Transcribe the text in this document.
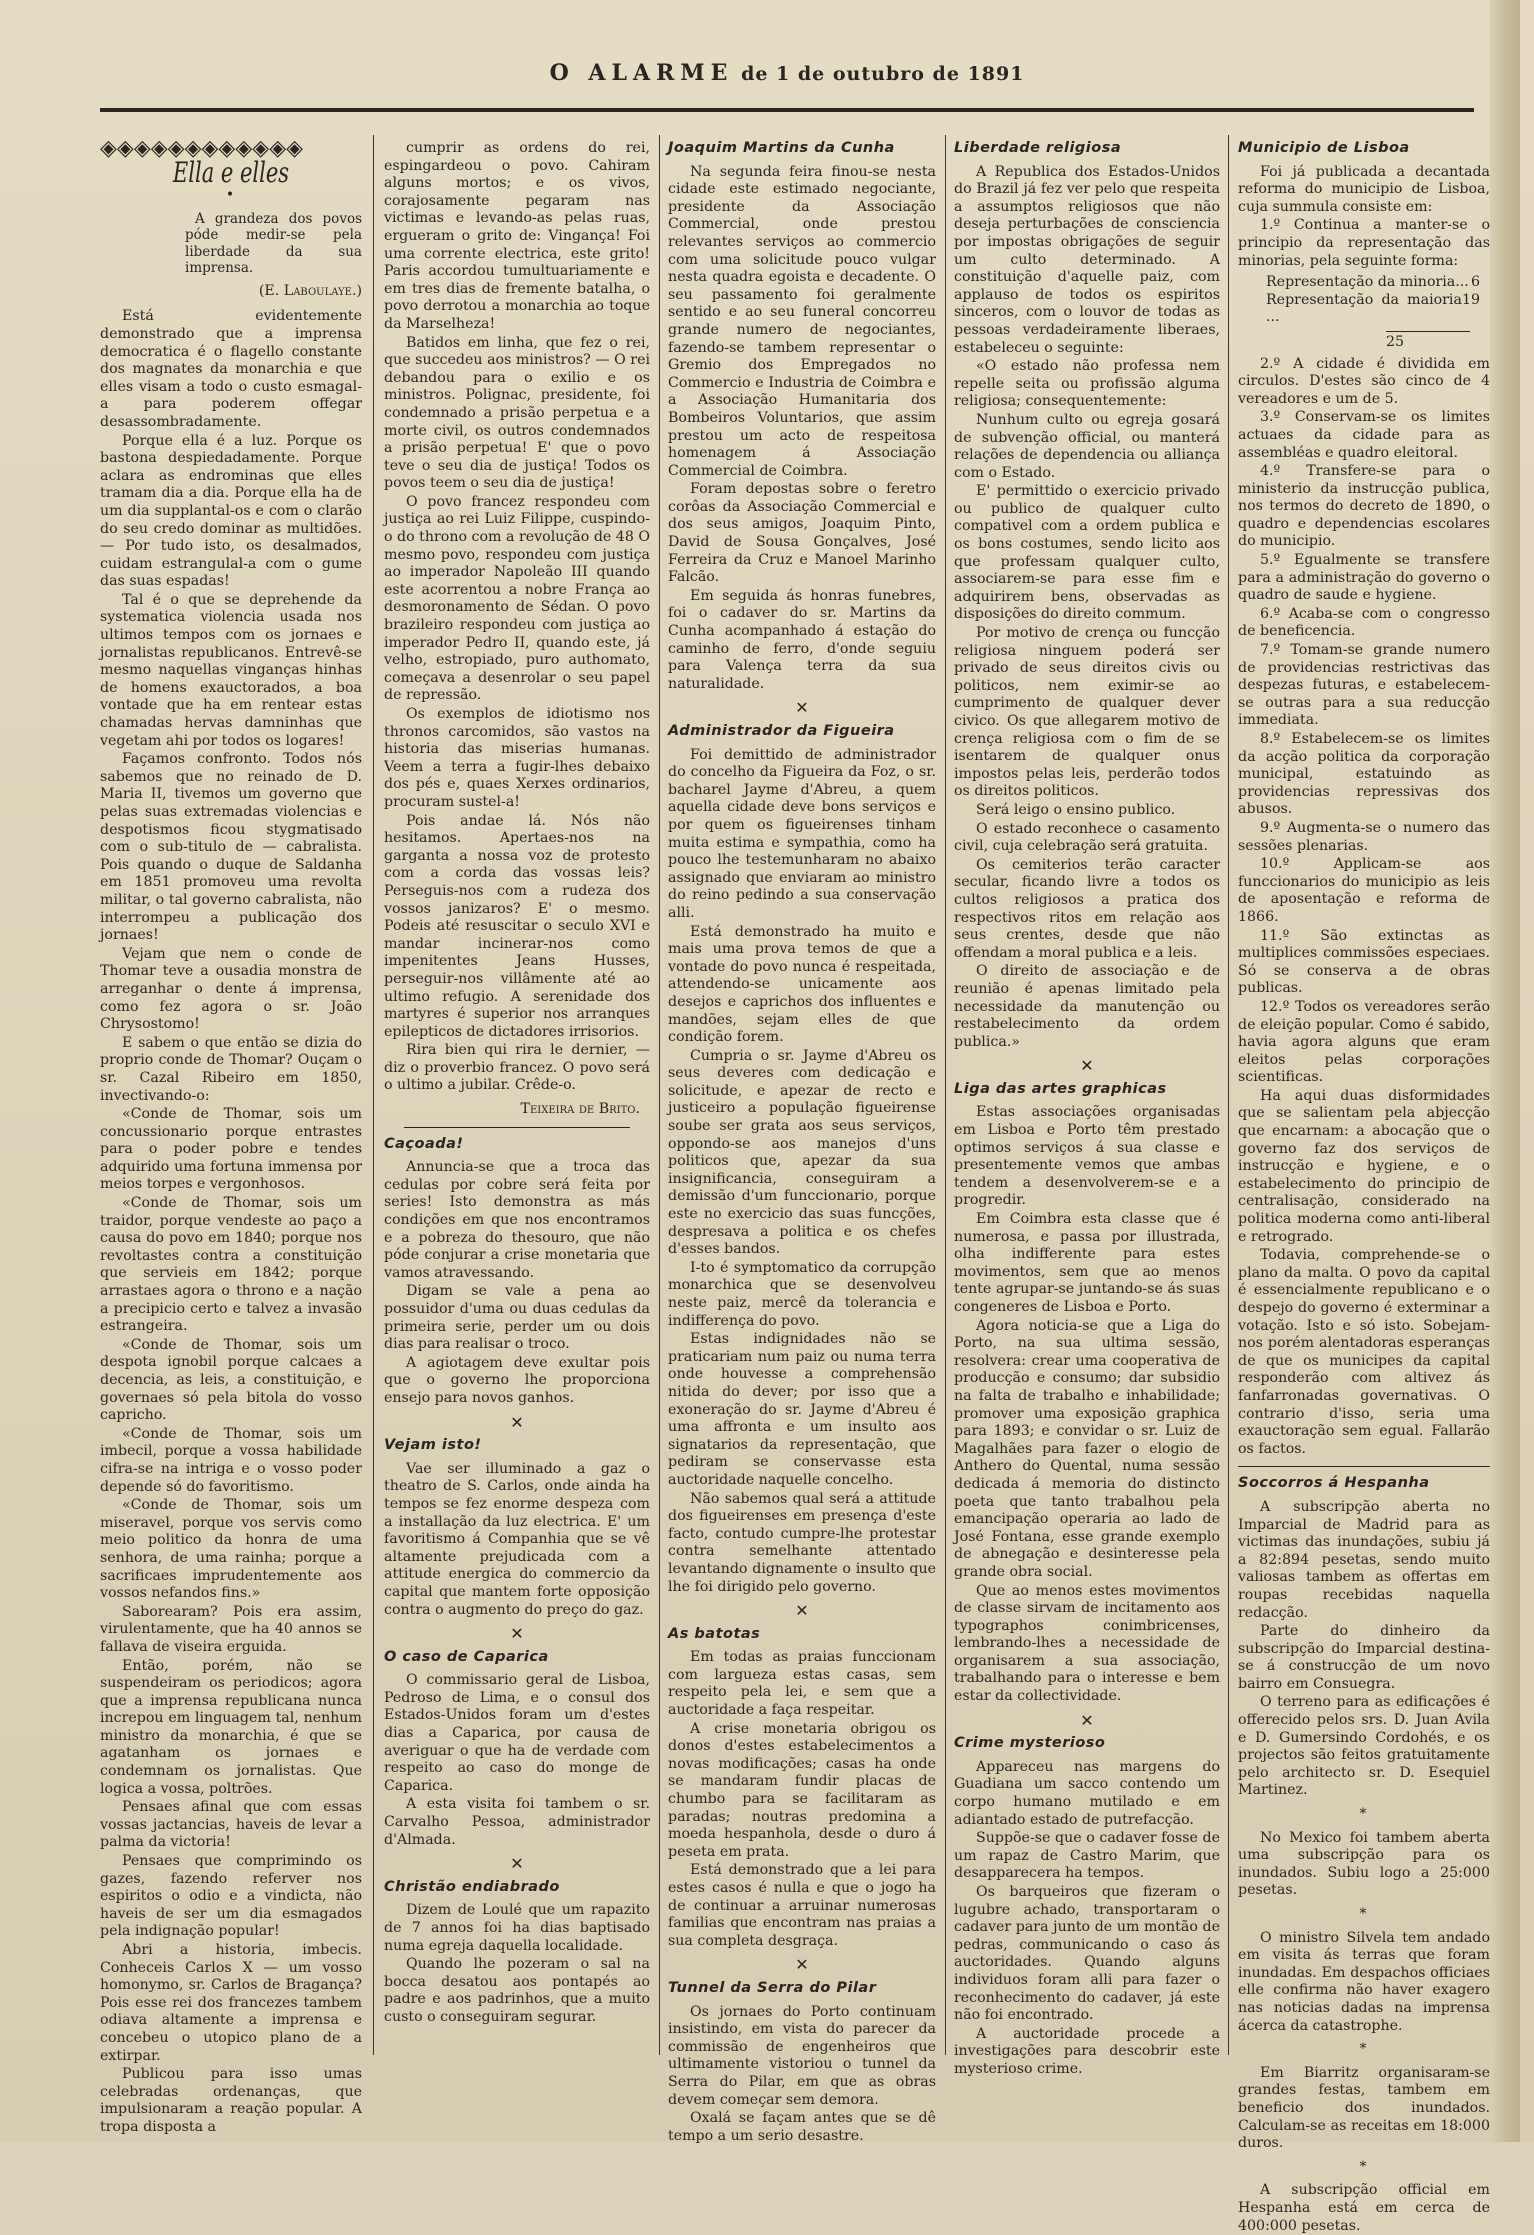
O ALARME de 1 de outubro de 1891
◈◈◈◈◈◈◈◈◈◈◈◈
Ella e elles
•
A grandeza dos povos póde medir-se pela liberdade da sua imprensa.
(E. Laboulaye.)

Está evidentemente demonstrado que a imprensa democratica é o flagello constante dos magnates da monarchia e que elles visam a todo o custo esmagal-a para poderem offegar desassombradamente.

Porque ella é a luz. Porque os bastona despiedadamente. Porque aclara as endrominas que elles tramam dia a dia. Porque ella ha de um dia supplantal-os e com o clarão do seu credo dominar as multidões. — Por tudo isto, os desalmados, cuidam estrangulal-a com o gume das suas espadas!

Tal é o que se deprehende da systematica violencia usada nos ultimos tempos com os jornaes e jornalistas republicanos. Entrevê-se mesmo naquellas vinganças hinhas de homens exauctorados, a boa vontade que ha em rentear estas chamadas hervas damninhas que vegetam ahi por todos os logares!

Façamos confronto. Todos nós sabemos que no reinado de D. Maria II, tivemos um governo que pelas suas extremadas violencias e despotismos ficou stygmatisado com o sub-titulo de — cabralista. Pois quando o duque de Saldanha em 1851 promoveu uma revolta militar, o tal governo cabralista, não interrompeu a publicação dos jornaes!

Vejam que nem o conde de Thomar teve a ousadia monstra de arreganhar o dente á imprensa, como fez agora o sr. João Chrysostomo!

E sabem o que então se dizia do proprio conde de Thomar? Ouçam o sr. Cazal Ribeiro em 1850, invectivando-o:

«Conde de Thomar, sois um concussionario porque entrastes para o poder pobre e tendes adquirido uma fortuna immensa por meios torpes e vergonhosos.

«Conde de Thomar, sois um traidor, porque vendeste ao paço a causa do povo em 1840; porque nos revoltastes contra a constituição que servieis em 1842; porque arrastaes agora o throno e a nação a precipicio certo e talvez a invasão estrangeira.

«Conde de Thomar, sois um despota ignobil porque calcaes a decencia, as leis, a constituição, e governaes só pela bitola do vosso capricho.

«Conde de Thomar, sois um imbecil, porque a vossa habilidade cifra-se na intriga e o vosso poder depende só do favoritismo.

«Conde de Thomar, sois um miseravel, porque vos servis como meio politico da honra de uma senhora, de uma rainha; porque a sacrificaes imprudentemente aos vossos nefandos fins.»

Saborearam? Pois era assim, virulentamente, que ha 40 annos se fallava de viseira erguida.

Então, porém, não se suspendeiram os periodicos; agora que a imprensa republicana nunca increpou em linguagem tal, nenhum ministro da monarchia, é que se agatanham os jornaes e condemnam os jornalistas. Que logica a vossa, poltrões.

Pensaes afinal que com essas vossas jactancias, haveis de levar a palma da victoria!

Pensaes que comprimindo os gazes, fazendo referver nos espiritos o odio e a vindicta, não haveis de ser um dia esmagados pela indignação popular!

Abri a historia, imbecis. Conheceis Carlos X — um vosso homonymo, sr. Carlos de Bragança? Pois esse rei dos francezes tambem odiava altamente a imprensa e concebeu o utopico plano de a extirpar.

Publicou para isso umas celebradas ordenanças, que impulsionaram a reação popular. A tropa disposta a

cumprir as ordens do rei, espingardeou o povo. Cahiram alguns mortos; e os vivos, corajosamente pegaram nas victimas e levando-as pelas ruas, ergueram o grito de: Vingança! Foi uma corrente electrica, este grito! Paris accordou tumultuariamente e em tres dias de fremente batalha, o povo derrotou a monarchia ao toque da Marselheza!

Batidos em linha, que fez o rei, que succedeu aos ministros? — O rei debandou para o exilio e os ministros. Polignac, presidente, foi condemnado a prisão perpetua e a morte civil, os outros condemnados a prisão perpetua! E' que o povo teve o seu dia de justiça! Todos os povos teem o seu dia de justiça!

O povo francez respondeu com justiça ao rei Luiz Filippe, cuspindo-o do throno com a revolução de 48 O mesmo povo, respondeu com justiça ao imperador Napoleão III quando este acorrentou a nobre França ao desmoronamento de Sédan. O povo brazileiro respondeu com justiça ao imperador Pedro II, quando este, já velho, estropiado, puro authomato, começava a desenrolar o seu papel de repressão.

Os exemplos de idiotismo nos thronos carcomidos, são vastos na historia das miserias humanas. Veem a terra a fugir-lhes debaixo dos pés e, quaes Xerxes ordinarios, procuram sustel-a!

Pois andae lá. Nós não hesitamos. Apertaes-nos na garganta a nossa voz de protesto com a corda das vossas leis? Perseguis-nos com a rudeza dos vossos janizaros? E' o mesmo. Podeis até resuscitar o seculo XVI e mandar incinerar-nos como impenitentes Jeans Husses, perseguir-nos villâmente até ao ultimo refugio. A serenidade dos martyres é superior nos arranques epilepticos de dictadores irrisorios.

Rira bien qui rira le dernier, — diz o proverbio francez. O povo será o ultimo a jubilar. Crêde-o.

Teixeira de Brito.
Caçoada!

Annuncia-se que a troca das cedulas por cobre será feita por series! Isto demonstra as más condições em que nos encontramos e a pobreza do thesouro, que não póde conjurar a crise monetaria que vamos atravessando.

Digam se vale a pena ao possuidor d'uma ou duas cedulas da primeira serie, perder um ou dois dias para realisar o troco.

A agiotagem deve exultar pois que o governo lhe proporciona ensejo para novos ganhos.

✕
Vejam isto!

Vae ser illuminado a gaz o theatro de S. Carlos, onde ainda ha tempos se fez enorme despeza com a installação da luz electrica. E' um favoritismo á Companhia que se vê altamente prejudicada com a attitude energica do commercio da capital que mantem forte opposição contra o augmento do preço do gaz.

✕
O caso de Caparica

O commissario geral de Lisboa, Pedroso de Lima, e o consul dos Estados-Unidos foram um d'estes dias a Caparica, por causa de averiguar o que ha de verdade com respeito ao caso do monge de Caparica.

A esta visita foi tambem o sr. Carvalho Pessoa, administrador d'Almada.

✕
Christão endiabrado

Dizem de Loulé que um rapazito de 7 annos foi ha dias baptisado numa egreja daquella localidade.

Quando lhe pozeram o sal na bocca desatou aos pontapés ao padre e aos padrinhos, que a muito custo o conseguiram segurar.

Joaquim Martins da Cunha

Na segunda feira finou-se nesta cidade este estimado negociante, presidente da Associação Commercial, onde prestou relevantes serviços ao commercio com uma solicitude pouco vulgar nesta quadra egoista e decadente. O seu passamento foi geralmente sentido e ao seu funeral concorreu grande numero de negociantes, fazendo-se tambem representar o Gremio dos Empregados no Commercio e Industria de Coimbra e a Associação Humanitaria dos Bombeiros Voluntarios, que assim prestou um acto de respeitosa homenagem á Associação Commercial de Coimbra.

Foram depostas sobre o feretro corôas da Associação Commercial e dos seus amigos, Joaquim Pinto, David de Sousa Gonçalves, José Ferreira da Cruz e Manoel Marinho Falcão.

Em seguida ás honras funebres, foi o cadaver do sr. Martins da Cunha acompanhado á estação do caminho de ferro, d'onde seguiu para Valença terra da sua naturalidade.

✕
Administrador da Figueira

Foi demittido de administrador do concelho da Figueira da Foz, o sr. bacharel Jayme d'Abreu, a quem aquella cidade deve bons serviços e por quem os figueirenses tinham muita estima e sympathia, como ha pouco lhe testemunharam no abaixo assignado que enviaram ao ministro do reino pedindo a sua conservação alli.

Está demonstrado ha muito e mais uma prova temos de que a vontade do povo nunca é respeitada, attendendo-se unicamente aos desejos e caprichos dos influentes e mandões, sejam elles de que condição forem.

Cumpria o sr. Jayme d'Abreu os seus deveres com dedicação e solicitude, e apezar de recto e justiceiro a população figueirense soube ser grata aos seus serviços, oppondo-se aos manejos d'uns politicos que, apezar da sua insignificancia, conseguiram a demissão d'um funccionario, porque este no exercicio das suas funcções, despresava a politica e os chefes d'esses bandos.

I-to é symptomatico da corrupção monarchica que se desenvolveu neste paiz, mercê da tolerancia e indifferença do povo.

Estas indignidades não se praticariam num paiz ou numa terra onde houvesse a comprehensão nitida do dever; por isso que a exoneração do sr. Jayme d'Abreu é uma affronta e um insulto aos signatarios da representação, que pediram se conservasse esta auctoridade naquelle concelho.

Não sabemos qual será a attitude dos figueirenses em presença d'este facto, contudo cumpre-lhe protestar contra semelhante attentado levantando dignamente o insulto que lhe foi dirigido pelo governo.

✕
As batotas

Em todas as praias funccionam com largueza estas casas, sem respeito pela lei, e sem que a auctoridade a faça respeitar.

A crise monetaria obrigou os donos d'estes estabelecimentos a novas modificações; casas ha onde se mandaram fundir placas de chumbo para se facilitaram as paradas; noutras predomina a moeda hespanhola, desde o duro á peseta em prata.

Está demonstrado que a lei para estes casos é nulla e que o jogo ha de continuar a arruinar numerosas familias que encontram nas praias a sua completa desgraça.

✕
Tunnel da Serra do Pilar

Os jornaes do Porto continuam insistindo, em vista do parecer da commissão de engenheiros que ultimamente vistoriou o tunnel da Serra do Pilar, em que as obras devem começar sem demora.

Oxalá se façam antes que se dê tempo a um serio desastre.

Liberdade religiosa

A Republica dos Estados-Unidos do Brazil já fez ver pelo que respeita a assumptos religiosos que não deseja perturbações de consciencia por impostas obrigações de seguir um culto determinado. A constituição d'aquelle paiz, com applauso de todos os espiritos sinceros, com o louvor de todas as pessoas verdadeiramente liberaes, estabeleceu o seguinte:

«O estado não professa nem repelle seita ou profissão alguma religiosa; consequentemente:

Nunhum culto ou egreja gosará de subvenção official, ou manterá relações de dependencia ou alliança com o Estado.

E' permittido o exercicio privado ou publico de qualquer culto compativel com a ordem publica e os bons costumes, sendo licito aos que professam qualquer culto, associarem-se para esse fim e adquirirem bens, observadas as disposições do direito commum.

Por motivo de crença ou funcção religiosa ninguem poderá ser privado de seus direitos civis ou politicos, nem eximir-se ao cumprimento de qualquer dever civico. Os que allegarem motivo de crença religiosa com o fim de se isentarem de qualquer onus impostos pelas leis, perderão todos os direitos politicos.

Será leigo o ensino publico.

O estado reconhece o casamento civil, cuja celebração será gratuita.

Os cemiterios terão caracter secular, ficando livre a todos os cultos religiosos a pratica dos respectivos ritos em relação aos seus crentes, desde que não offendam a moral publica e a leis.

O direito de associação e de reunião é apenas limitado pela necessidade da manutenção ou restabelecimento da ordem publica.»

✕
Liga das artes graphicas

Estas associações organisadas em Lisboa e Porto têm prestado optimos serviços á sua classe e presentemente vemos que ambas tendem a desenvolverem-se e a progredir.

Em Coimbra esta classe que é numerosa, e passa por illustrada, olha indifferente para estes movimentos, sem que ao menos tente agrupar-se juntando-se ás suas congeneres de Lisboa e Porto.

Agora noticia-se que a Liga do Porto, na sua ultima sessão, resolvera: crear uma cooperativa de producção e consumo; dar subsidio na falta de trabalho e inhabilidade; promover uma exposição graphica para 1893; e convidar o sr. Luiz de Magalhães para fazer o elogio de Anthero do Quental, numa sessão dedicada á memoria do distincto poeta que tanto trabalhou pela emancipação operaria ao lado de José Fontana, esse grande exemplo de abnegação e desinteresse pela grande obra social.

Que ao menos estes movimentos de classe sirvam de incitamento aos typographos conimbricenses, lembrando-lhes a necessidade de organisarem a sua associação, trabalhando para o interesse e bem estar da collectividade.

✕
Crime mysterioso

Appareceu nas margens do Guadiana um sacco contendo um corpo humano mutilado e em adiantado estado de putrefacção.

Suppõe-se que o cadaver fosse de um rapaz de Castro Marim, que desapparecera ha tempos.

Os barqueiros que fizeram o lugubre achado, transportaram o cadaver para junto de um montão de pedras, communicando o caso ás auctoridades. Quando alguns individuos foram alli para fazer o reconhecimento do cadaver, já este não foi encontrado.

A auctoridade procede a investigações para descobrir este mysterioso crime.

Municipio de Lisboa

Foi já publicada a decantada reforma do municipio de Lisboa, cuja summula consiste em:

1.º Continua a manter-se o principio da representação das minorias, pela seguinte forma:

Representação da minoria... 6
Representação da maioria ...
19
25

2.º A cidade é dividida em circulos. D'estes são cinco de 4 vereadores e um de 5.

3.º Conservam-se os limites actuaes da cidade para as assembléas e quadro eleitoral.

4.º Transfere-se para o ministerio da instrucção publica, nos termos do decreto de 1890, o quadro e dependencias escolares do municipio.

5.º Egualmente se transfere para a administração do governo o quadro de saude e hygiene.

6.º Acaba-se com o congresso de beneficencia.

7.º Tomam-se grande numero de providencias restrictivas das despezas futuras, e estabelecem-se outras para a sua reducção immediata.

8.º Estabelecem-se os limites da acção politica da corporação municipal, estatuindo as providencias repressivas dos abusos.

9.º Augmenta-se o numero das sessões plenarias.

10.º Applicam-se aos funccionarios do municipio as leis de aposentação e reforma de 1866.

11.º São extinctas as multiplices commissões especiaes. Só se conserva a de obras publicas.

12.º Todos os vereadores serão de eleição popular. Como é sabido, havia agora alguns que eram eleitos pelas corporações scientificas.

Ha aqui duas disformidades que se salientam pela abjecção que encarnam: a abocação que o governo faz dos serviços de instrucção e hygiene, e o estabelecimento do principio de centralisação, considerado na politica moderna como anti-liberal e retrogrado.

Todavia, comprehende-se o plano da malta. O povo da capital é essencialmente republicano e o despejo do governo é exterminar a votação. Isto e só isto. Sobejam-nos porém alentadoras esperanças de que os municipes da capital responderão com altivez ás fanfarronadas governativas. O contrario d'isso, seria uma exauctoração sem egual. Fallarão os factos.

Soccorros á Hespanha

A subscripção aberta no Imparcial de Madrid para as victimas das inundações, subiu já a 82:894 pesetas, sendo muito valiosas tambem as offertas em roupas recebidas naquella redacção.

Parte do dinheiro da subscripção do Imparcial destina-se á construcção de um novo bairro em Consuegra.

O terreno para as edificações é offerecido pelos srs. D. Juan Avila e D. Gumersindo Cordohés, e os projectos são feitos gratuitamente pelo architecto sr. D. Esequiel Martinez.

*

No Mexico foi tambem aberta uma subscripção para os inundados. Subiu logo a 25:000 pesetas.

*

O ministro Silvela tem andado em visita ás terras que foram inundadas. Em despachos officiaes elle confirma não haver exagero nas noticias dadas na imprensa ácerca da catastrophe.

*

Em Biarritz organisaram-se grandes festas, tambem em beneficio dos inundados. Calculam-se as receitas em 18:000 duros.

*

A subscripção official em Hespanha está em cerca de 400:000 pesetas.
